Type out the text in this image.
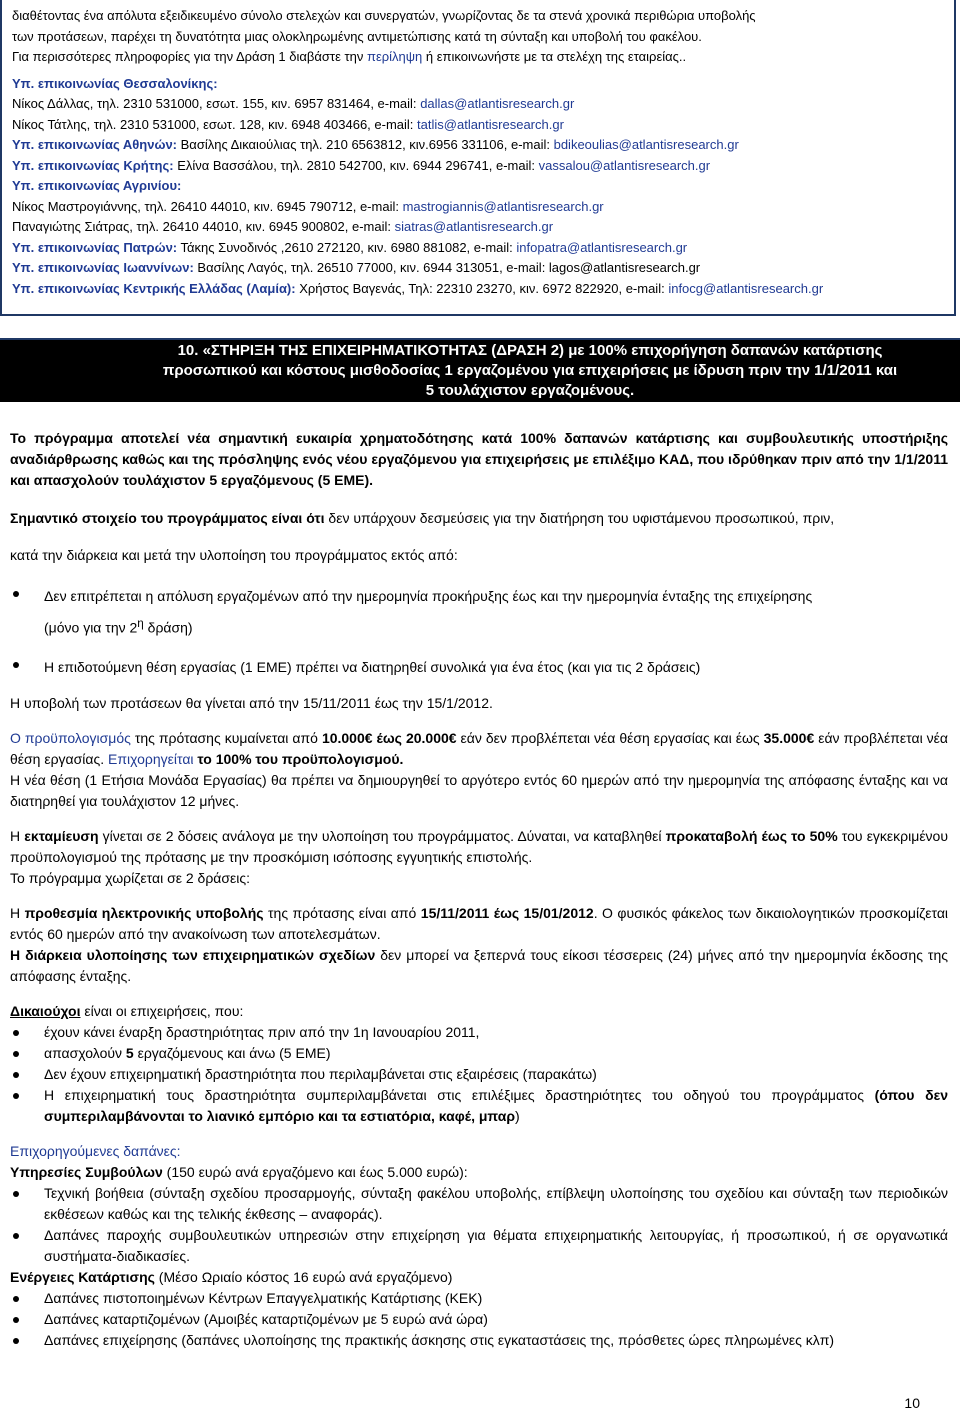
διαθέτοντας ένα απόλυτα εξειδικευμένο σύνολο στελεχών και συνεργατών, γνωρίζοντας δε τα στενά χρονικά περιθώρια υποβολής

των προτάσεων, παρέχει τη δυνατότητα μιας ολοκληρωμένης αντιμετώπισης κατά τη σύνταξη και υποβολή του φακέλου.

Για περισσότερες πληροφορίες για την Δράση 1 διαβάστε την περίληψη ή επικοινωνήστε με τα στελέχη της εταιρείας..

Υπ. επικοινωνίας Θεσσαλονίκης:

Νίκος Δάλλας, τηλ. 2310 531000, εσωτ. 155, κιν. 6957 831464, e-mail: dallas@atlantisresearch.gr

Νίκος Τάτλης, τηλ. 2310 531000, εσωτ. 128, κιν. 6948 403466, e-mail: tatlis@atlantisresearch.gr

Υπ. επικοινωνίας Αθηνών: Βασίλης Δικαιούλιας τηλ. 210 6563812, κιν.6956 331106, e-mail: bdikeoulias@atlantisresearch.gr

Υπ. επικοινωνίας Κρήτης: Ελίνα Βασσάλου, τηλ. 2810 542700, κιν. 6944 296741, e-mail: vassalou@atlantisresearch.gr

Υπ. επικοινωνίας Αγρινίου:

Νίκος Μαστρογιάννης, τηλ. 26410 44010, κιν. 6945 790712, e-mail: mastrogiannis@atlantisresearch.gr

Παναγιώτης Σιάτρας, τηλ. 26410 44010, κιν. 6945 900802, e-mail: siatras@atlantisresearch.gr

Υπ. επικοινωνίας Πατρών: Τάκης Συνοδινός ,2610 272120, κιν. 6980 881082, e-mail: infopatra@atlantisresearch.gr

Υπ. επικοινωνίας Ιωαννίνων: Βασίλης Λαγός, τηλ. 26510 77000, κιν. 6944 313051, e-mail: lagos@atlantisresearch.gr

Υπ. επικοινωνίας Κεντρικής Ελλάδας (Λαμία): Χρήστος Βαγενάς, Τηλ: 22310 23270, κιν. 6972 822920, e-mail: infocg@atlantisresearch.gr

10. «ΣΤΗΡΙΞΗ ΤΗΣ ΕΠΙΧΕΙΡΗΜΑΤΙΚΟΤΗΤΑΣ (ΔΡΑΣΗ 2) με 100% επιχορήγηση δαπανών κατάρτισης
προσωπικού και κόστους μισθοδοσίας 1 εργαζομένου για επιχειρήσεις με ίδρυση πριν την 1/1/2011 και
5 τουλάχιστον εργαζομένους.

Το πρόγραμμα αποτελεί νέα σημαντική ευκαιρία χρηματοδότησης κατά 100% δαπανών κατάρτισης και συμβουλευτικής υποστήριξης αναδιάρθρωσης καθώς και της πρόσληψης ενός νέου εργαζόμενου για επιχειρήσεις με επιλέξιμο ΚΑΔ, που ιδρύθηκαν πριν από την 1/1/2011 και απασχολούν τουλάχιστον 5 εργαζόμενους (5 ΕΜΕ).

Σημαντικό στοιχείο του προγράμματος είναι ότι δεν υπάρχουν δεσμεύσεις για την διατήρηση του υφιστάμενου προσωπικού, πριν,

κατά την διάρκεια και μετά την υλοποίηση του προγράμματος εκτός από:

Δεν επιτρέπεται η απόλυση εργαζομένων από την ημερομηνία προκήρυξης έως και την ημερομηνία ένταξης της επιχείρησης
(μόνο για την $2^\eta$ δράση)
Η επιδοτούμενη θέση εργασίας (1 ΕΜΕ) πρέπει να διατηρηθεί συνολικά για ένα έτος (και για τις 2 δράσεις)

Η υποβολή των προτάσεων θα γίνεται από την 15/11/2011 έως την 15/1/2012.

Ο προϋπολογισμός της πρότασης κυμαίνεται από 10.000€ έως 20.000€ εάν δεν προβλέπεται νέα θέση εργασίας και έως 35.000€ εάν προβλέπεται νέα θέση εργασίας. Επιχορηγείται το 100% του προϋπολογισμού.

Η νέα θέση (1 Ετήσια Μονάδα Εργασίας) θα πρέπει να δημιουργηθεί το αργότερο εντός 60 ημερών από την ημερομηνία της απόφασης ένταξης και να διατηρηθεί για τουλάχιστον 12 μήνες.

Η εκταμίευση γίνεται σε 2 δόσεις ανάλογα με την υλοποίηση του προγράμματος. Δύναται, να καταβληθεί προκαταβολή έως το 50% του εγκεκριμένου προϋπολογισμού της πρότασης με την προσκόμιση ισόποσης εγγυητικής επιστολής.

Το πρόγραμμα χωρίζεται σε 2 δράσεις:

Η προθεσμία ηλεκτρονικής υποβολής της πρότασης είναι από 15/11/2011 έως 15/01/2012. Ο φυσικός φάκελος των δικαιολογητικών προσκομίζεται εντός 60 ημερών από την ανακοίνωση των αποτελεσμάτων.

Η διάρκεια υλοποίησης των επιχειρηματικών σχεδίων δεν μπορεί να ξεπερνά τους είκοσι τέσσερεις (24) μήνες από την ημερομηνία έκδοσης της απόφασης ένταξης.

Δικαιούχοι είναι οι επιχειρήσεις, που:

έχουν κάνει έναρξη δραστηριότητας πριν από την 1η Ιανουαρίου 2011,
απασχολούν 5 εργαζόμενους και άνω (5 ΕΜΕ)
Δεν έχουν επιχειρηματική δραστηριότητα που περιλαμβάνεται στις εξαιρέσεις (παρακάτω)
Η επιχειρηματική τους δραστηριότητα συμπεριλαμβάνεται στις επιλέξιμες δραστηριότητες του οδηγού του προγράμματος (όπου δεν συμπεριλαμβάνονται το λιανικό εμπόριο και τα εστιατόρια, καφέ, μπαρ)

Επιχορηγούμενες δαπάνες:

Υπηρεσίες Συμβούλων (150 ευρώ ανά εργαζόμενο και έως 5.000 ευρώ):

Τεχνική βοήθεια (σύνταξη σχεδίου προσαρμογής, σύνταξη φακέλου υποβολής, επίβλεψη υλοποίησης του σχεδίου και σύνταξη των περιοδικών εκθέσεων καθώς και της τελικής έκθεσης – αναφοράς).
Δαπάνες παροχής συμβουλευτικών υπηρεσιών στην επιχείρηση για θέματα επιχειρηματικής λειτουργίας, ή προσωπικού, ή σε οργανωτικά συστήματα-διαδικασίες.

Ενέργειες Κατάρτισης (Μέσο Ωριαίο κόστος 16 ευρώ ανά εργαζόμενο)

Δαπάνες πιστοποιημένων Κέντρων Επαγγελματικής Κατάρτισης (ΚΕΚ)
Δαπάνες καταρτιζομένων (Αμοιβές καταρτιζομένων με 5 ευρώ ανά ώρα)
Δαπάνες επιχείρησης (δαπάνες υλοποίησης της πρακτικής άσκησης στις εγκαταστάσεις της, πρόσθετες ώρες πληρωμένες κλπ)
10
